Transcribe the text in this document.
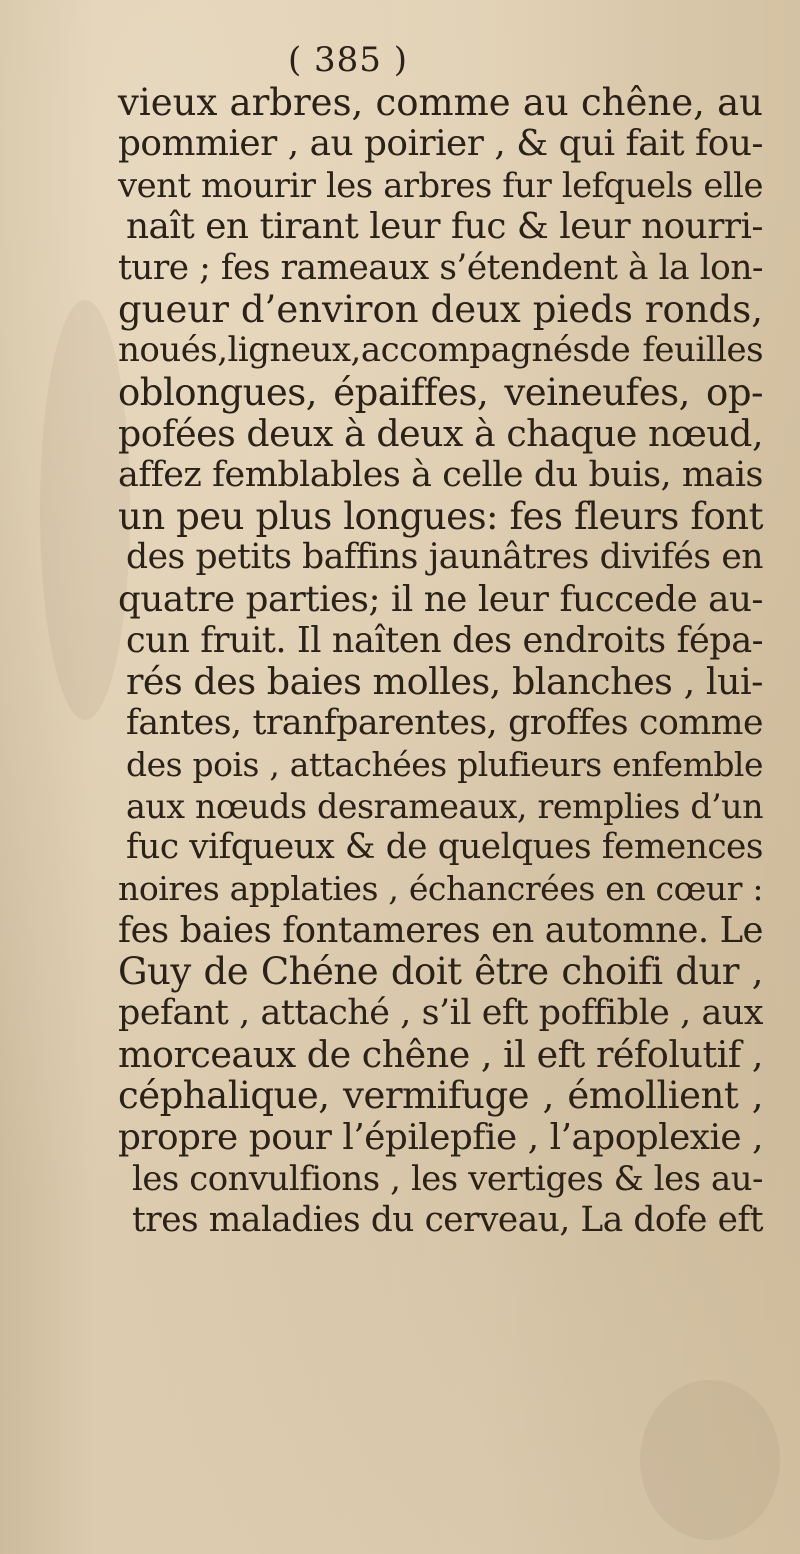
( 385 )
vieux arbres, comme au chêne, au
pommier , au poirier , & qui fait fou-
vent mourir les arbres fur lefquels elle
naît en tirant leur fuc & leur nourri-
ture ; fes rameaux s’étendent à la lon-
gueur d’environ deux pieds ronds,
noués,ligneux,accompagnésde feuilles
oblongues, épaiffes, veineufes, op-
pofées deux à deux à chaque nœud,
affez femblables à celle du buis, mais
un peu plus longues: fes fleurs font
des petits baffins jaunâtres divifés en
quatre parties; il ne leur fuccede au-
cun fruit. Il naîten des endroits fépa-
rés des baies molles, blanches , lui-
fantes, tranfparentes, groffes comme
des pois , attachées plufieurs enfemble
aux nœuds desrameaux, remplies d’un
fuc vifqueux & de quelques femences
noires applaties , échancrées en cœur :
fes baies fontameres en automne. Le
Guy de Chéne doit être choifi dur ,
pefant , attaché , s’il eft poffible , aux
morceaux de chêne , il eft réfolutif ,
céphalique, vermifuge , émollient ,
propre pour l’épilepfie , l’apoplexie ,
les convulfions , les vertiges & les au-
tres maladies du cerveau, La dofe eft
